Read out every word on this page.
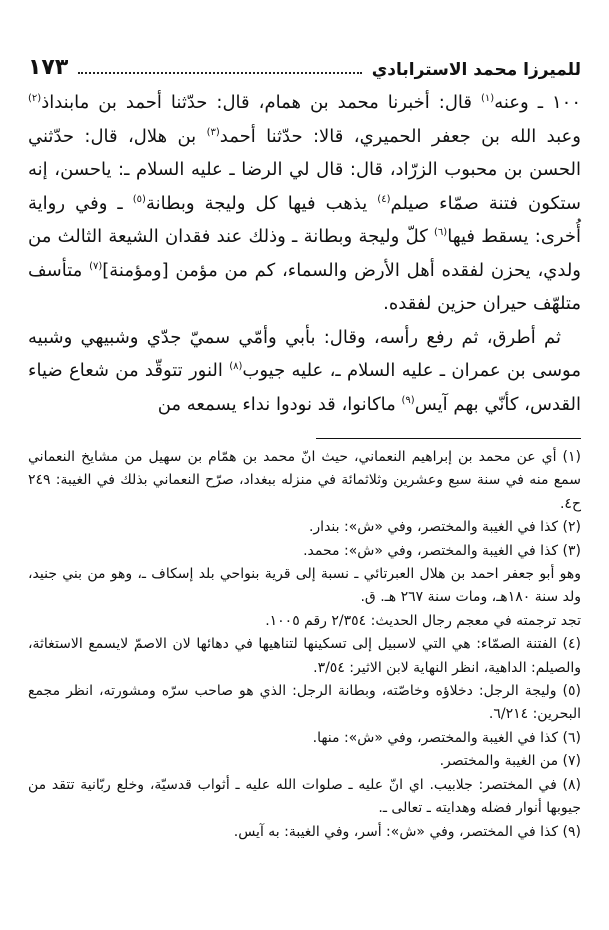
للميرزا محمد الاسترابادي
١٧٣

١٠٠ ـ وعنه$^{(١)}$ قال: أخبرنا محمد بن همام، قال: حدّثنا أحمد بن مابنداذ$^{(٢)}$ وعبد الله بن جعفر الحميري، قالا: حدّثنا أحمد$^{(٣)}$ بن هلال، قال: حدّثني الحسن بن محبوب الزرّاد، قال: قال لي الرضا ـ عليه السلام ـ: ياحسن، إنه ستكون فتنة صمّاء صيلم$^{(٤)}$ يذهب فيها كل وليجة وبطانة$^{(٥)}$ ـ وفي رواية أُخرى: يسقط فيها$^{(٦)}$ كلّ وليجة وبطانة ـ وذلك عند فقدان الشيعة الثالث من ولدي، يحزن لفقده أهل الأرض والسماء، كم من مؤمن [ومؤمنة]$^{(٧)}$ متأسف متلهّف حيران حزين لفقده.

ثم أطرق، ثم رفع رأسه، وقال: بأبي وأمّي سميّ جدّي وشبيهي وشبيه موسى بن عمران ـ عليه السلام ـ، عليه جيوب$^{(٨)}$ النور تتوقّد من شعاع ضياء القدس، كأنّي بهم آيس$^{(٩)}$ ماكانوا، قد نودوا نداء يسمعه من

(١) أي عن محمد بن إبراهيم النعماني، حيث انّ محمد بن همّام بن سهيل من مشايخ النعماني سمع منه في سنة سبع وعشرين وثلاثمائة في منزله ببغداد، صرّح النعماني بذلك في الغيبة: ٢٤٩ ح٤.

(٢) كذا في الغيبة والمختصر، وفي «ش»: بندار.

(٣) كذا في الغيبة والمختصر، وفي «ش»: محمد.

وهو أبو جعفر احمد بن هلال العبرتائي ـ نسبة إلى قرية بنواحي بلد إسكاف ـ، وهو من بني جنيد، ولد سنة ١٨٠هـ، ومات سنة ٢٦٧ هـ. ق.

تجد ترجمته في معجم رجال الحديث: ٢/٣٥٤ رقم ١٠٠٥.

(٤) الفتنة الصمّاء: هي التي لاسبيل إلى تسكينها لتناهيها في دهائها لان الاصمّ لايسمع الاستغاثة، والصيلم: الداهية، انظر النهاية لابن الاثير: ٣/٥٤.

(٥) وليجة الرجل: دخلاؤه وخاصّته، وبطانة الرجل: الذي هو صاحب سرّه ومشورته، انظر مجمع البحرين: ٦/٢١٤.

(٦) كذا في الغيبة والمختصر، وفي «ش»: منها.

(٧) من الغيبة والمختصر.

(٨) في المختصر: جلابيب. اي انّ عليه ـ صلوات الله عليه ـ أثواب قدسيّة، وخلع ربّانية تتقد من جيوبها أنوار فضله وهدايته ـ تعالى ـ.

(٩) كذا في المختصر، وفي «ش»: أسر، وفي الغيبة: به آيس.
